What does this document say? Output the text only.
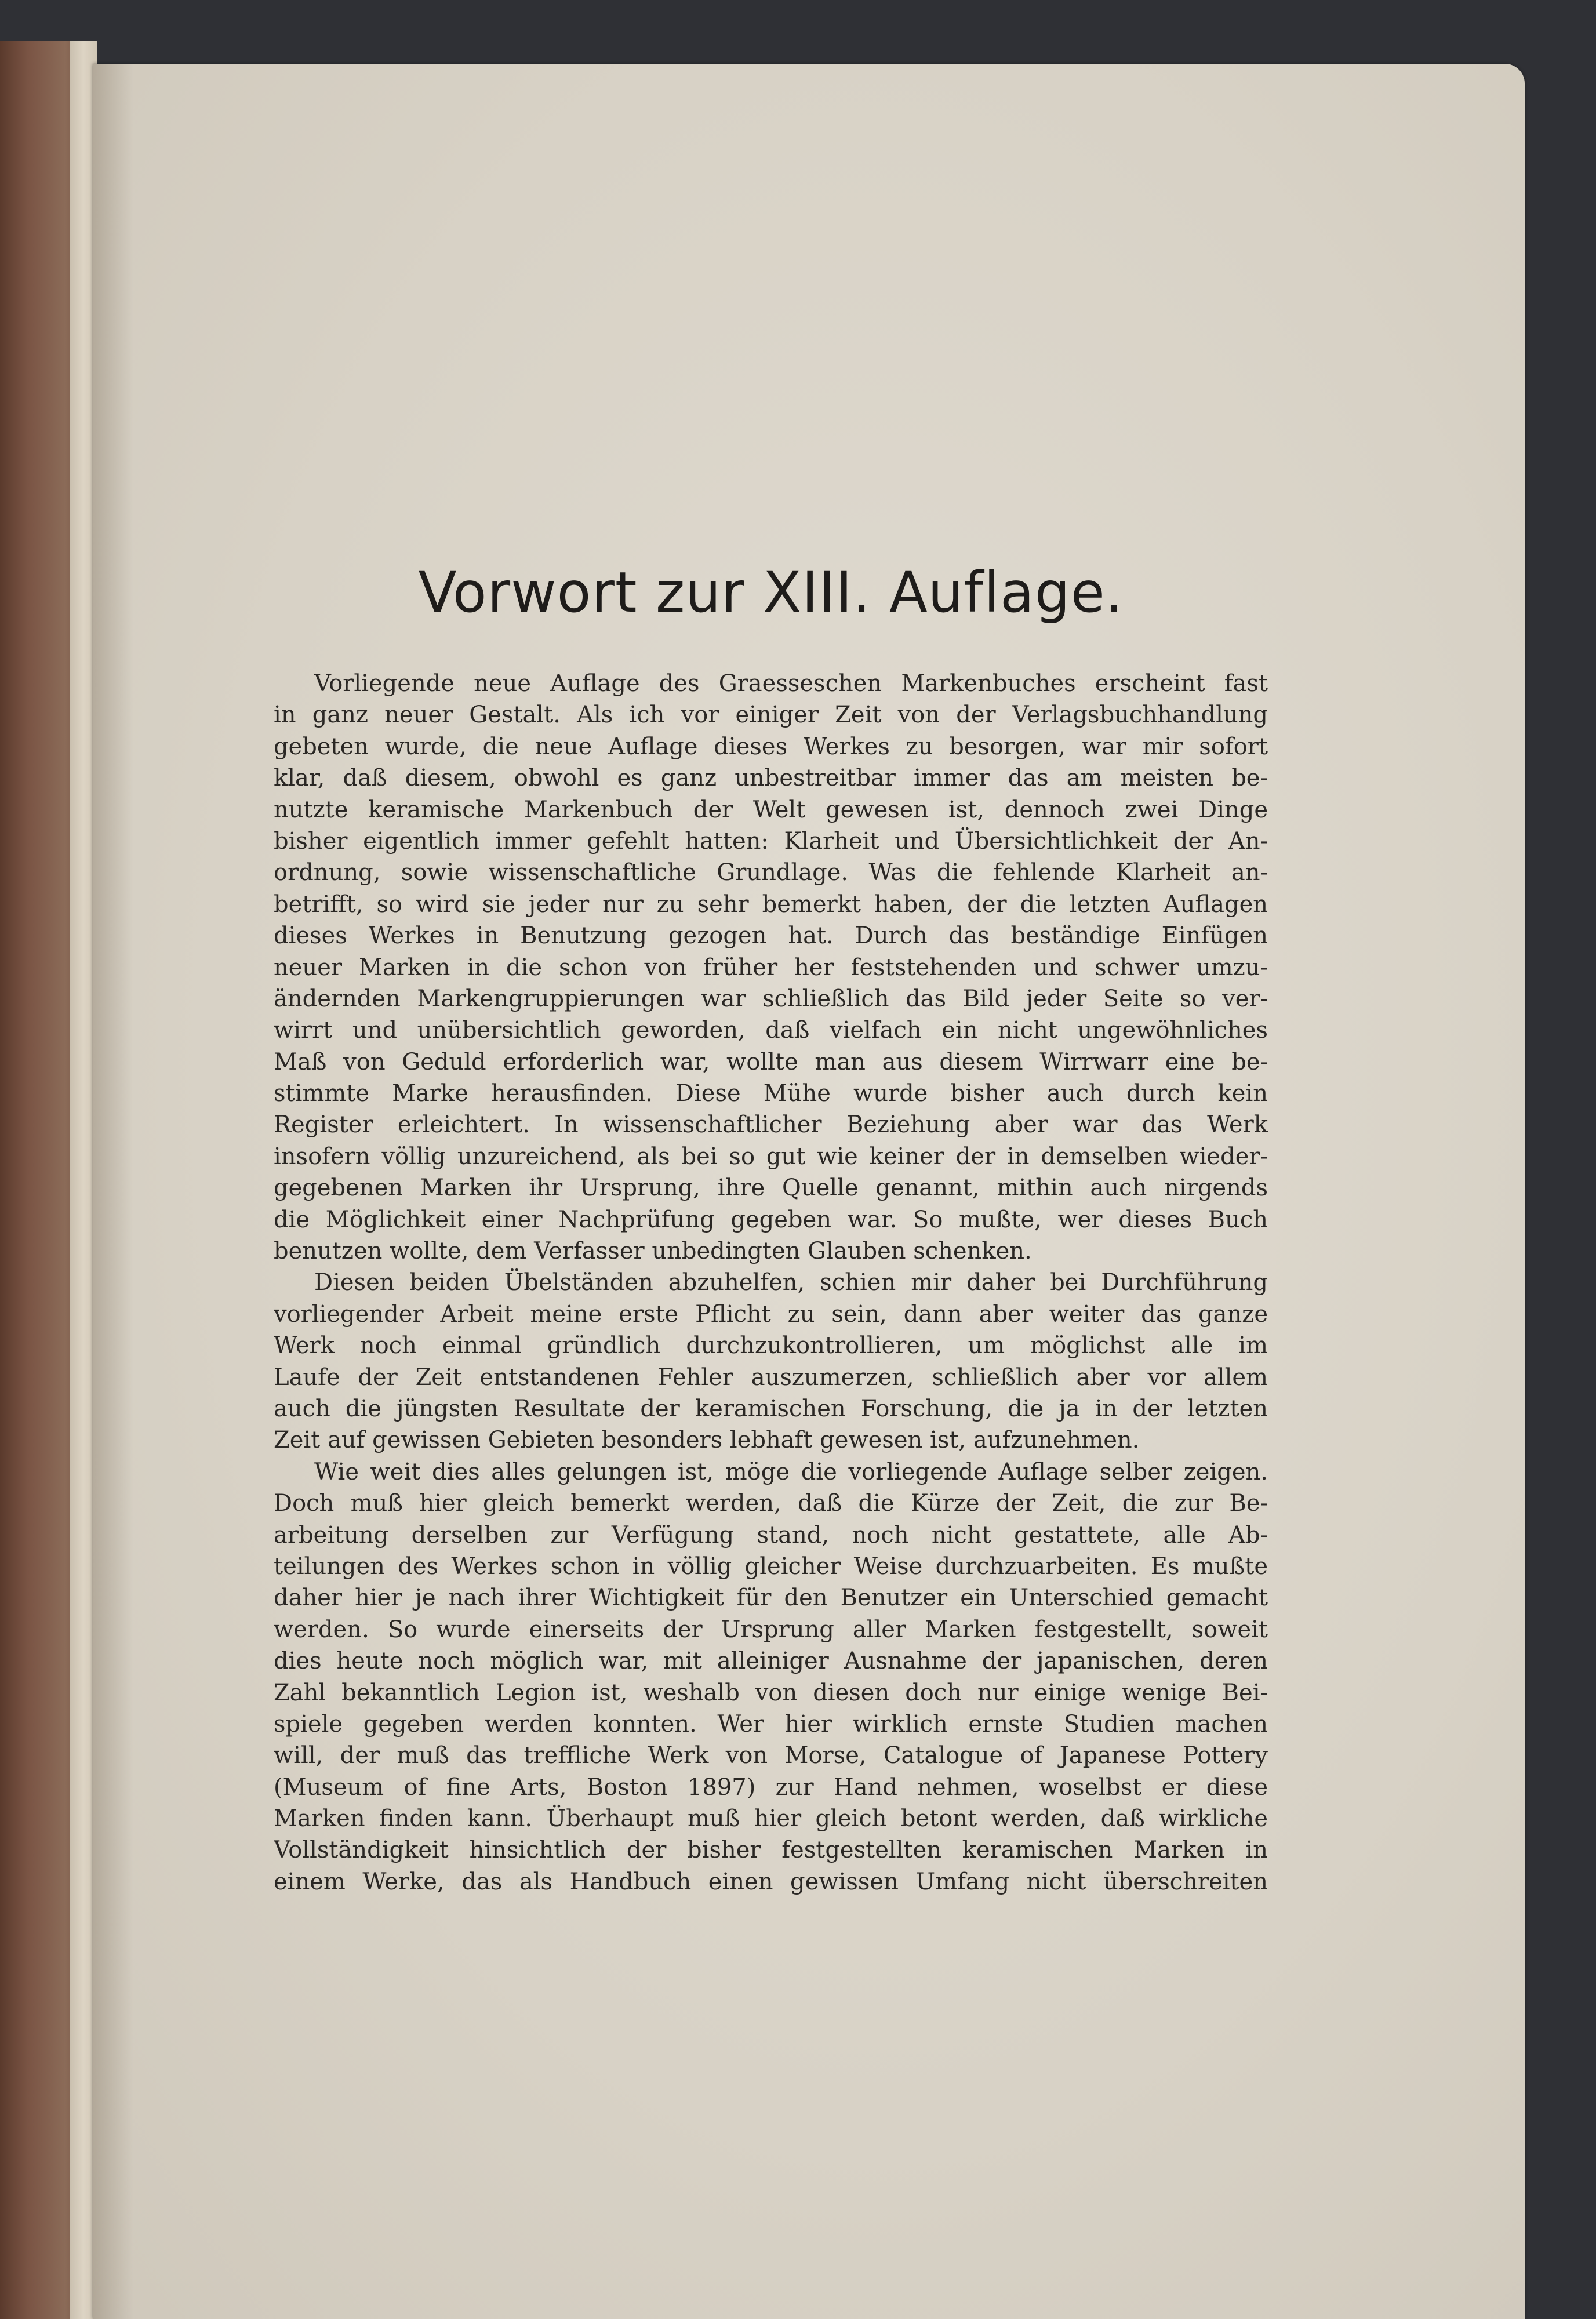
Vorwort zur XIII. Auflage.
Vorliegende neue Auflage des Graesseschen Markenbuches erscheint fast
in ganz neuer Gestalt. Als ich vor einiger Zeit von der Verlagsbuchhandlung
gebeten wurde, die neue Auflage dieses Werkes zu besorgen, war mir sofort
klar, daß diesem, obwohl es ganz unbestreitbar immer das am meisten be-
nutzte keramische Markenbuch der Welt gewesen ist, dennoch zwei Dinge
bisher eigentlich immer gefehlt hatten: Klarheit und Übersichtlichkeit der An-
ordnung, sowie wissenschaftliche Grundlage. Was die fehlende Klarheit an-
betrifft, so wird sie jeder nur zu sehr bemerkt haben, der die letzten Auflagen
dieses Werkes in Benutzung gezogen hat. Durch das beständige Einfügen
neuer Marken in die schon von früher her feststehenden und schwer umzu-
ändernden Markengruppierungen war schließlich das Bild jeder Seite so ver-
wirrt und unübersichtlich geworden, daß vielfach ein nicht ungewöhnliches
Maß von Geduld erforderlich war, wollte man aus diesem Wirrwarr eine be-
stimmte Marke herausfinden. Diese Mühe wurde bisher auch durch kein
Register erleichtert. In wissenschaftlicher Beziehung aber war das Werk
insofern völlig unzureichend, als bei so gut wie keiner der in demselben wieder-
gegebenen Marken ihr Ursprung, ihre Quelle genannt, mithin auch nirgends
die Möglichkeit einer Nachprüfung gegeben war. So mußte, wer dieses Buch
benutzen wollte, dem Verfasser unbedingten Glauben schenken.
Diesen beiden Übelständen abzuhelfen, schien mir daher bei Durchführung
vorliegender Arbeit meine erste Pflicht zu sein, dann aber weiter das ganze
Werk noch einmal gründlich durchzukontrollieren, um möglichst alle im
Laufe der Zeit entstandenen Fehler auszumerzen, schließlich aber vor allem
auch die jüngsten Resultate der keramischen Forschung, die ja in der letzten
Zeit auf gewissen Gebieten besonders lebhaft gewesen ist, aufzunehmen.
Wie weit dies alles gelungen ist, möge die vorliegende Auflage selber zeigen.
Doch muß hier gleich bemerkt werden, daß die Kürze der Zeit, die zur Be-
arbeitung derselben zur Verfügung stand, noch nicht gestattete, alle Ab-
teilungen des Werkes schon in völlig gleicher Weise durchzuarbeiten. Es mußte
daher hier je nach ihrer Wichtigkeit für den Benutzer ein Unterschied gemacht
werden. So wurde einerseits der Ursprung aller Marken festgestellt, soweit
dies heute noch möglich war, mit alleiniger Ausnahme der japanischen, deren
Zahl bekanntlich Legion ist, weshalb von diesen doch nur einige wenige Bei-
spiele gegeben werden konnten. Wer hier wirklich ernste Studien machen
will, der muß das treffliche Werk von Morse, Catalogue of Japanese Pottery
(Museum of fine Arts, Boston 1897) zur Hand nehmen, woselbst er diese
Marken finden kann. Überhaupt muß hier gleich betont werden, daß wirkliche
Vollständigkeit hinsichtlich der bisher festgestellten keramischen Marken in
einem Werke, das als Handbuch einen gewissen Umfang nicht überschreiten
